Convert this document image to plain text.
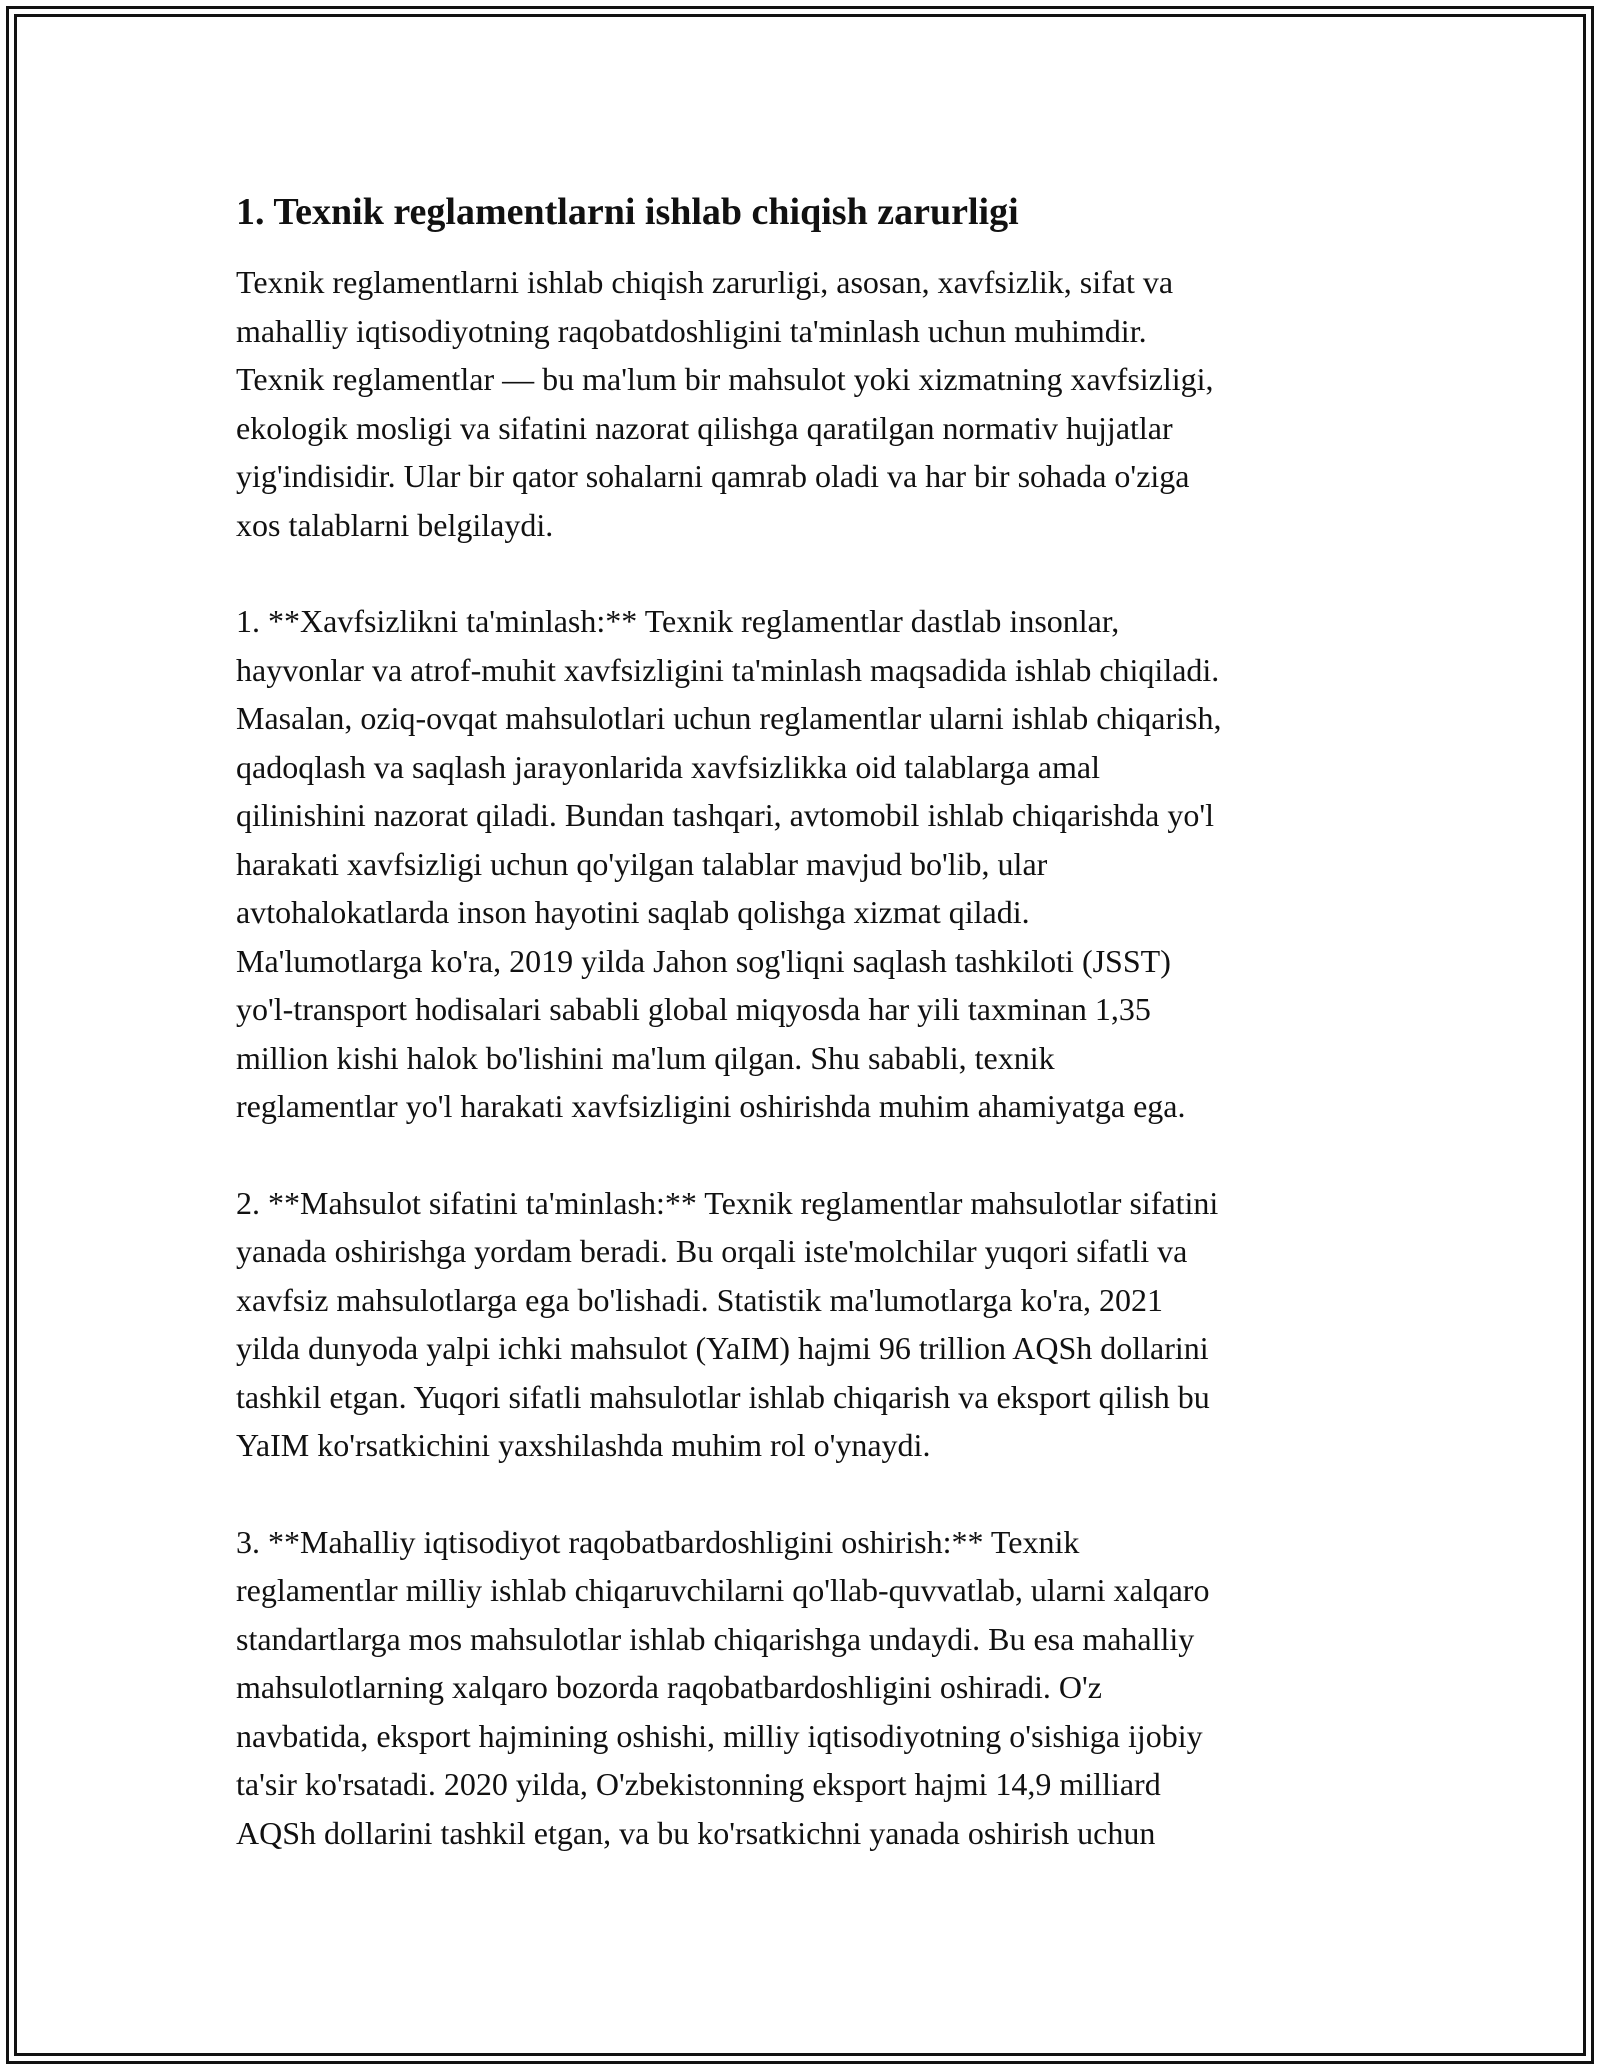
1. Texnik reglamentlarni ishlab chiqish zarurligi
Texnik reglamentlarni ishlab chiqish zarurligi, asosan, xavfsizlik, sifat va
mahalliy iqtisodiyotning raqobatdoshligini ta'minlash uchun muhimdir.
Texnik reglamentlar — bu ma'lum bir mahsulot yoki xizmatning xavfsizligi,
ekologik mosligi va sifatini nazorat qilishga qaratilgan normativ hujjatlar
yig'indisidir. Ular bir qator sohalarni qamrab oladi va har bir sohada o'ziga
xos talablarni belgilaydi.
1. **Xavfsizlikni ta'minlash:** Texnik reglamentlar dastlab insonlar,
hayvonlar va atrof-muhit xavfsizligini ta'minlash maqsadida ishlab chiqiladi.
Masalan, oziq-ovqat mahsulotlari uchun reglamentlar ularni ishlab chiqarish,
qadoqlash va saqlash jarayonlarida xavfsizlikka oid talablarga amal
qilinishini nazorat qiladi. Bundan tashqari, avtomobil ishlab chiqarishda yo'l
harakati xavfsizligi uchun qo'yilgan talablar mavjud bo'lib, ular
avtohalokatlarda inson hayotini saqlab qolishga xizmat qiladi.
Ma'lumotlarga ko'ra, 2019 yilda Jahon sog'liqni saqlash tashkiloti (JSST)
yo'l-transport hodisalari sababli global miqyosda har yili taxminan 1,35
million kishi halok bo'lishini ma'lum qilgan. Shu sababli, texnik
reglamentlar yo'l harakati xavfsizligini oshirishda muhim ahamiyatga ega.
2. **Mahsulot sifatini ta'minlash:** Texnik reglamentlar mahsulotlar sifatini
yanada oshirishga yordam beradi. Bu orqali iste'molchilar yuqori sifatli va
xavfsiz mahsulotlarga ega bo'lishadi. Statistik ma'lumotlarga ko'ra, 2021
yilda dunyoda yalpi ichki mahsulot (YaIM) hajmi 96 trillion AQSh dollarini
tashkil etgan. Yuqori sifatli mahsulotlar ishlab chiqarish va eksport qilish bu
YaIM ko'rsatkichini yaxshilashda muhim rol o'ynaydi.
3. **Mahalliy iqtisodiyot raqobatbardoshligini oshirish:** Texnik
reglamentlar milliy ishlab chiqaruvchilarni qo'llab-quvvatlab, ularni xalqaro
standartlarga mos mahsulotlar ishlab chiqarishga undaydi. Bu esa mahalliy
mahsulotlarning xalqaro bozorda raqobatbardoshligini oshiradi. O'z
navbatida, eksport hajmining oshishi, milliy iqtisodiyotning o'sishiga ijobiy
ta'sir ko'rsatadi. 2020 yilda, O'zbekistonning eksport hajmi 14,9 milliard
AQSh dollarini tashkil etgan, va bu ko'rsatkichni yanada oshirish uchun
